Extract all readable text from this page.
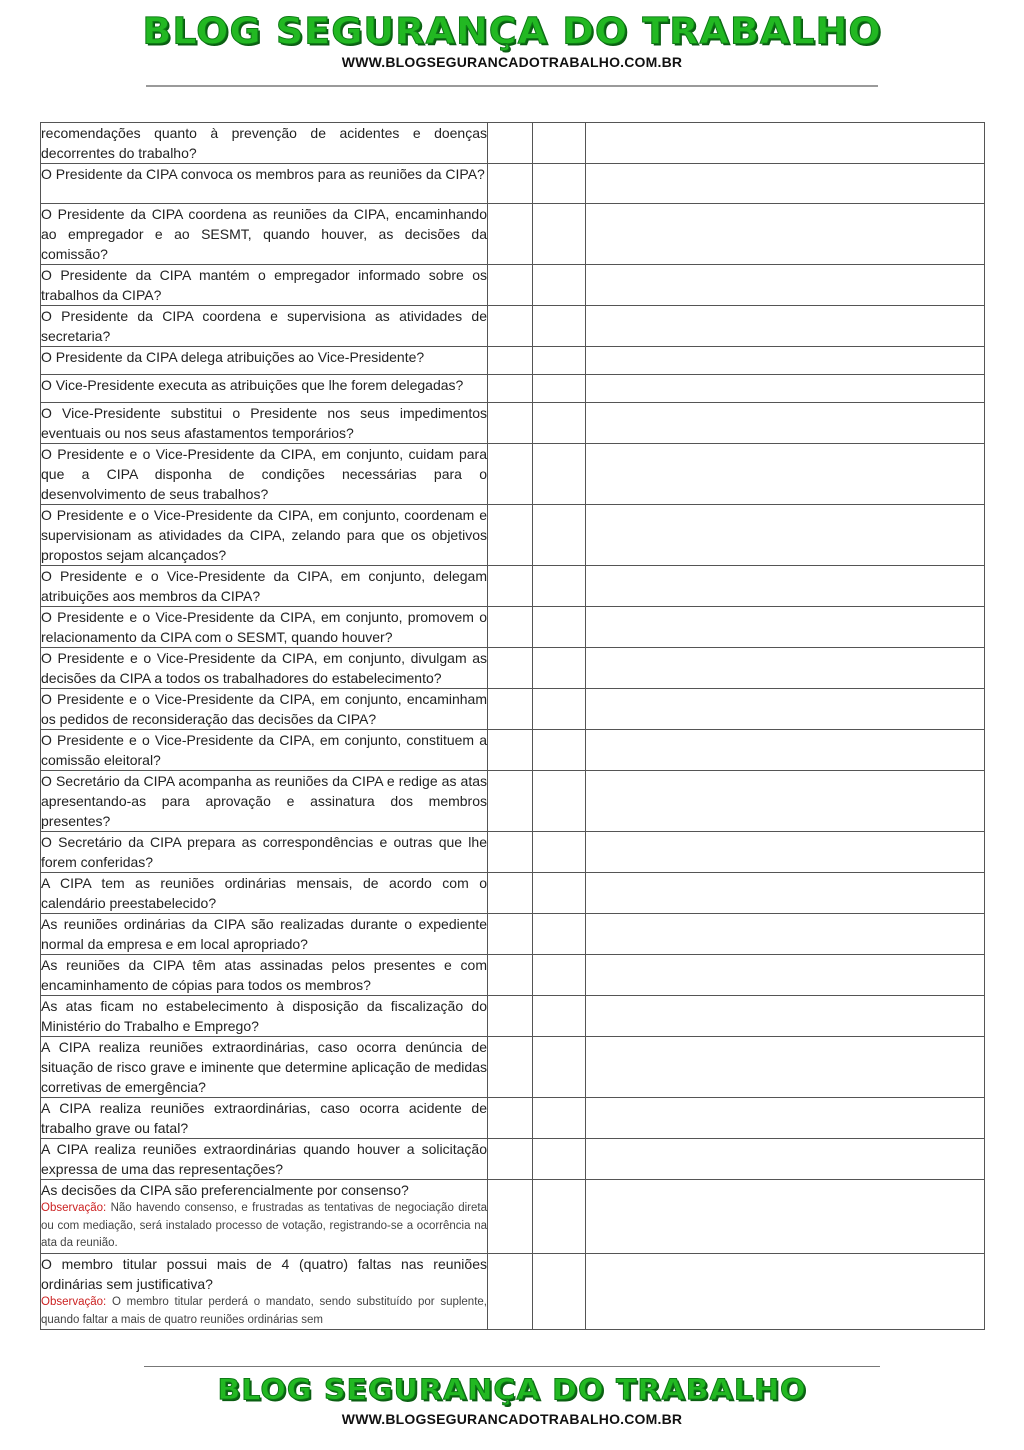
BLOG SEGURANÇA DO TRABALHO
WWW.BLOGSEGURANCADOTRABALHO.COM.BR
recomendações quanto à prevenção de acidentes e doenças decorrentes do trabalho?			

O Presidente da CIPA convoca os membros para as reuniões da CIPA?			

O Presidente da CIPA coordena as reuniões da CIPA, encaminhando ao empregador e ao SESMT, quando houver, as decisões da comissão?			

O Presidente da CIPA mantém o empregador informado sobre os trabalhos da CIPA?			

O Presidente da CIPA coordena e supervisiona as atividades de secretaria?			

O Presidente da CIPA delega atribuições ao Vice-Presidente?			

O Vice-Presidente executa as atribuições que lhe forem delegadas?			

O Vice-Presidente substitui o Presidente nos seus impedimentos eventuais ou nos seus afastamentos temporários?			

O Presidente e o Vice-Presidente da CIPA, em conjunto, cuidam para que a CIPA disponha de condições necessárias para o desenvolvimento de seus trabalhos?			

O Presidente e o Vice-Presidente da CIPA, em conjunto, coordenam e supervisionam as atividades da CIPA, zelando para que os objetivos propostos sejam alcançados?			

O Presidente e o Vice-Presidente da CIPA, em conjunto, delegam atribuições aos membros da CIPA?			

O Presidente e o Vice-Presidente da CIPA, em conjunto, promovem o relacionamento da CIPA com o SESMT, quando houver?			

O Presidente e o Vice-Presidente da CIPA, em conjunto, divulgam as decisões da CIPA a todos os trabalhadores do estabelecimento?			

O Presidente e o Vice-Presidente da CIPA, em conjunto, encaminham os pedidos de reconsideração das decisões da CIPA?			

O Presidente e o Vice-Presidente da CIPA, em conjunto, constituem a comissão eleitoral?			

O Secretário da CIPA acompanha as reuniões da CIPA e redige as atas apresentando-as para aprovação e assinatura dos membros presentes?			

O Secretário da CIPA prepara as correspondências e outras que lhe forem conferidas?			

A CIPA tem as reuniões ordinárias mensais, de acordo com o calendário preestabelecido?			

As reuniões ordinárias da CIPA são realizadas durante o expediente normal da empresa e em local apropriado?			

As reuniões da CIPA têm atas assinadas pelos presentes e com encaminhamento de cópias para todos os membros?			

As atas ficam no estabelecimento à disposição da fiscalização do Ministério do Trabalho e Emprego?			

A CIPA realiza reuniões extraordinárias, caso ocorra denúncia de situação de risco grave e iminente que determine aplicação de medidas corretivas de emergência?			

A CIPA realiza reuniões extraordinárias, caso ocorra acidente de trabalho grave ou fatal?			

A CIPA realiza reuniões extraordinárias quando houver a solicitação expressa de uma das representações?			

As decisões da CIPA são preferencialmente por consenso?
Observação: Não havendo consenso, e frustradas as tentativas de negociação direta ou com mediação, será instalado processo de votação, registrando-se a ocorrência na ata da reunião.			

O membro titular possui mais de 4 (quatro) faltas nas reuniões ordinárias sem justificativa?
Observação: O membro titular perderá o mandato, sendo substituído por suplente, quando faltar a mais de quatro reuniões ordinárias sem			

BLOG SEGURANÇA DO TRABALHO
WWW.BLOGSEGURANCADOTRABALHO.COM.BR
